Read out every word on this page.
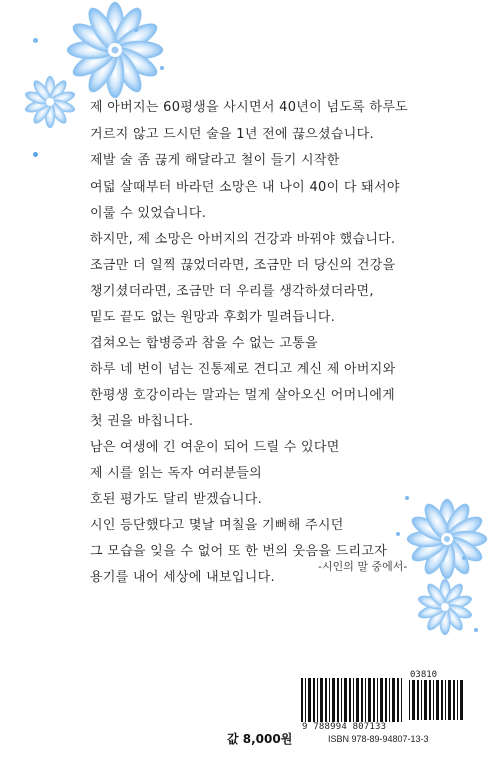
제 아버지는 60평생을 사시면서 40년이 넘도록 하루도
거르지 않고 드시던 술을 1년 전에 끊으셨습니다.
제발 술 좀 끊게 해달라고 철이 들기 시작한
여덟 살때부터 바라던 소망은 내 나이 40이 다 돼서야
이룰 수 있었습니다.
하지만, 제 소망은 아버지의 건강과 바꿔야 했습니다.
조금만 더 일찍 끊었더라면, 조금만 더 당신의 건강을
챙기셨더라면, 조금만 더 우리를 생각하셨더라면,
밑도 끝도 없는 원망과 후회가 밀려듭니다.
겹쳐오는 합병증과 참을 수 없는 고통을
하루 네 번이 넘는 진통제로 견디고 계신 제 아버지와
한평생 호강이라는 말과는 멀게 살아오신 어머니에게
첫 권을 바칩니다.
남은 여생에 긴 여운이 되어 드릴 수 있다면
제 시를 읽는 독자 여러분들의
호된 평가도 달리 받겠습니다.
시인 등단했다고 몇날 며칠을 기뻐해 주시던
그 모습을 잊을 수 없어 또 한 번의 웃음을 드리고자
용기를 내어 세상에 내보입니다.
-시인의 말 중에서-
03810
9 788994 807133
ISBN 978-89-94807-13-3
값 8,000원
